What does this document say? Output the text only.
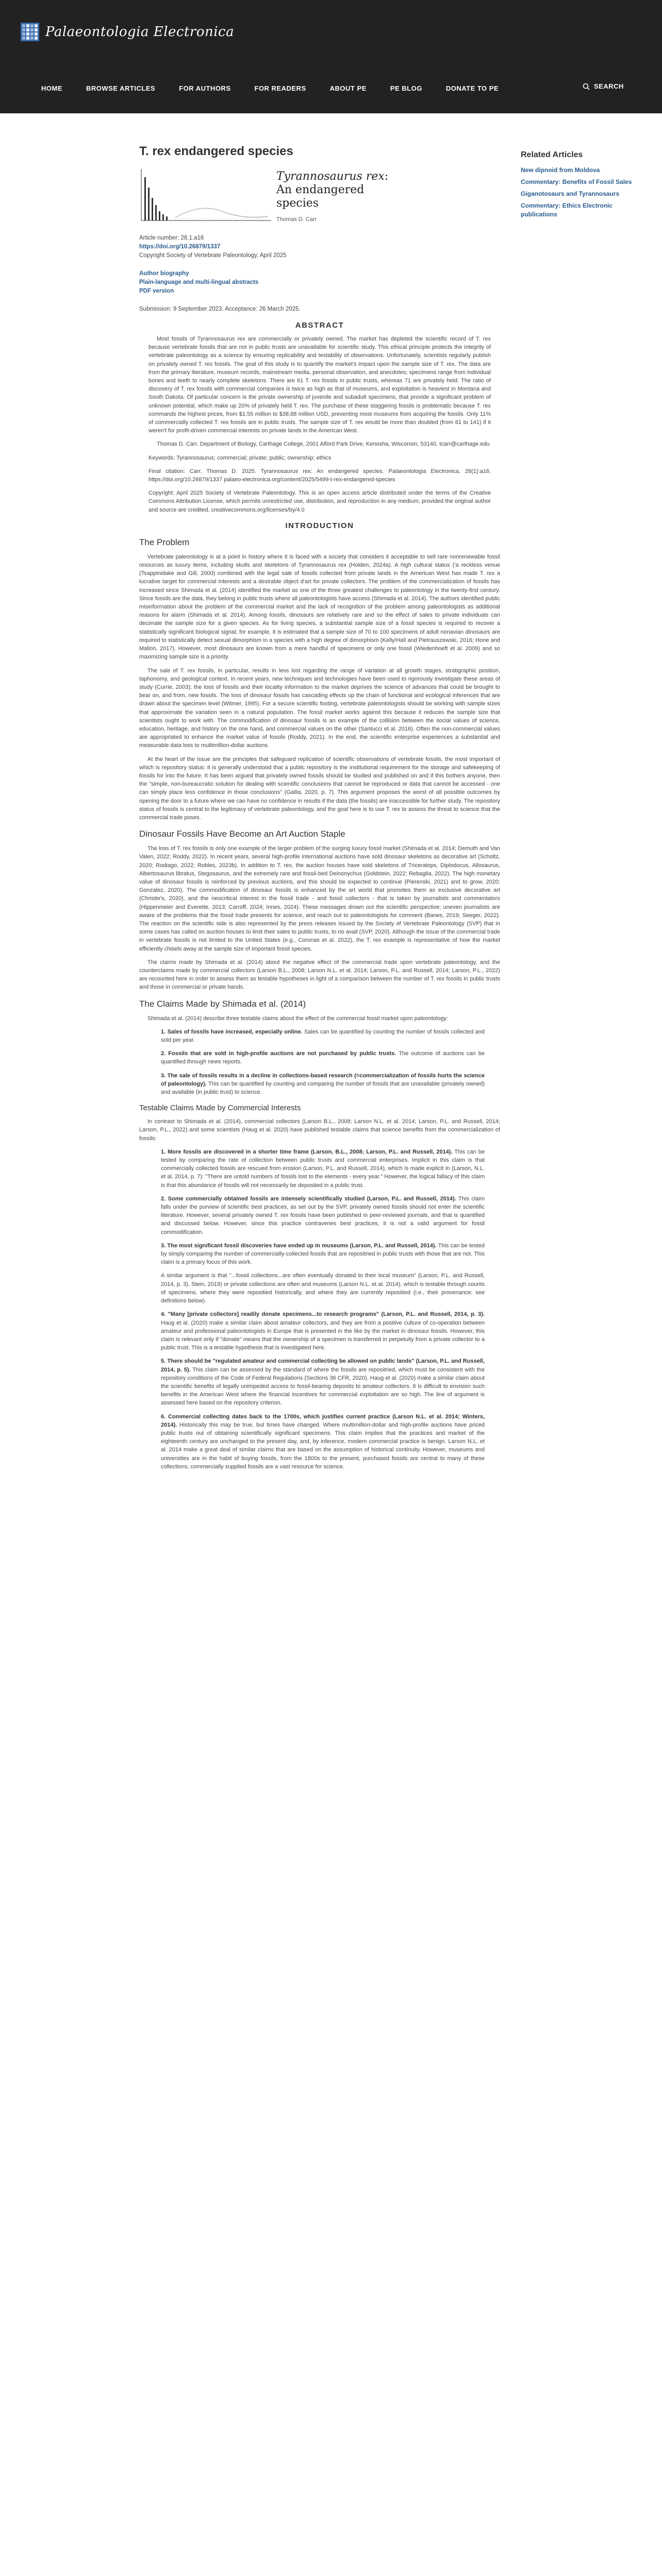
Palaeontologia Electronica
HOME	BROWSE ARTICLES	FOR AUTHORS	FOR READERS	ABOUT PE	PE BLOG	DONATE TO PE	SEARCH
T. rex endangered species
Tyrannosaurus rex: An endangered species
Thomas D. Carr
Article number: 28.1.a16
https://doi.org/10.26879/1337
Copyright Society of Vertebrate Paleontology, April 2025
Author biography
Plain-language and multi-lingual abstracts
PDF version
Submission: 9 September 2023. Acceptance: 26 March 2025.
ABSTRACT

Most fossils of Tyrannosaurus rex are commercially or privately owned. The market has depleted the scientific record of T. rex because vertebrate fossils that are not in public trusts are unavailable for scientific study. This ethical principle protects the integrity of vertebrate paleontology as a science by ensuring replicability and testability of observations. Unfortunately, scientists regularly publish on privately owned T. rex fossils. The goal of this study is to quantify the market's impact upon the sample size of T. rex. The data are from the primary literature, museum records, mainstream media, personal observation, and anecdotes; specimens range from individual bones and teeth to nearly complete skeletons. There are 61 T. rex fossils in public trusts, whereas 71 are privately held. The ratio of discovery of T. rex fossils with commercial companies is twice as high as that of museums, and exploitation is heaviest in Montana and South Dakota. Of particular concern is the private ownership of juvenile and subadult specimens, that provide a significant problem of unknown potential, which make up 20% of privately held T. rex. The purchase of these staggering fossils is problematic because T. rex commands the highest prices, from $1.55 million to $38.88 million USD, preventing most museums from acquiring the fossils. Only 11% of commercially collected T. rex fossils are in public trusts. The sample size of T. rex would be more than doubled (from 61 to 141) if it weren't for profit-driven commercial interests on private lands in the American West.

Thomas D. Carr. Department of Biology, Carthage College, 2001 Alford Park Drive, Kenosha, Wisconsin, 53140. tcarr@carthage.edu

Keywords: Tyrannosaurus; commercial; private; public; ownership; ethics

Final citation: Carr, Thomas D. 2025. Tyrannosaurus rex: An endangered species. Palaeontologia Electronica, 28(1):a16. https://doi.org/10.26879/1337 palaeo-electronica.org/content/2025/5499-t-rex-endangered-species

Copyright: April 2025 Society of Vertebrate Paleontology. This is an open access article distributed under the terms of the Creative Commons Attribution License, which permits unrestricted use, distribution, and reproduction in any medium, provided the original author and source are credited. creativecommons.org/licenses/by/4.0

INTRODUCTION
The Problem

Vertebrate paleontology is at a point in history where it is faced with a society that considers it acceptable to sell rare nonrenewable fossil resources as luxury items, including skulls and skeletons of Tyrannosaurus rex (Holden, 2024a). A high cultural status ('a reckless venue (Tsappinidake and Gill, 2000) combined with the legal sale of fossils collected from private lands in the American West has made T. rex a lucrative target for commercial interests and a desirable object d'art for private collectors. The problem of the commercialization of fossils has increased since Shimada et al. (2014) identified the market as one of the three greatest challenges to paleontology in the twenty-first century. Since fossils are the data, they belong in public trusts where all paleontologists have access (Shimada et al. 2014). The authors identified public misinformation about the problem of the commercial market and the lack of recognition of the problem among paleontologists as additional reasons for alarm (Shimada et al. 2014). Among fossils, dinosaurs are relatively rare and so the effect of sales to private individuals can decimate the sample size for a given species. As for living species, a substantial sample size of a fossil species is required to recover a statistically significant biological signal; for example, it is estimated that a sample size of 70 to 100 specimens of adult nonavian dinosaurs are required to statistically detect sexual dimorphism in a species with a high degree of dimorphism (Kelly/Hall and Pietrauszewski, 2016; Hone and Mallon, 2017). However, most dinosaurs are known from a mere handful of specimens or only one fossil (Wiedenhoeft et al. 2009) and so maximizing sample size is a priority.

The sale of T. rex fossils, in particular, results in less lost regarding the range of variation at all growth stages, stratigraphic position, taphonomy, and geological context. In recent years, new techniques and technologies have been used to rigorously investigate these areas of study (Currie, 2003); the loss of fossils and their locality information to the market deprives the science of advances that could be brought to bear on, and from, new fossils. The loss of dinosaur fossils has cascading effects up the chain of functional and ecological inferences that are drawn about the specimen level (Witmer, 1995). For a secure scientific footing, vertebrate paleontologists should be working with sample sizes that approximate the variation seen in a natural population. The fossil market works against this because it reduces the sample size that scientists ought to work with. The commodification of dinosaur fossils is an example of the collision between the social values of science, education, heritage, and history on the one hand, and commercial values on the other (Santucci et al. 2016). Often the non-commercial values are appropriated to enhance the market value of fossils (Roddy, 2021). In the end, the scientific enterprise experiences a substantial and measurable data loss to multimillion-dollar auctions.

At the heart of the issue are the principles that safeguard replication of scientific observations of vertebrate fossils, the most important of which is repository status: it is generally understood that a public repository is the institutional requirement for the storage and safekeeping of fossils for into the future. It has been argued that privately owned fossils should be studied and published on and if this bothers anyone, then the "simple, non-bureaucratic solution for dealing with scientific conclusions that cannot be reproduced or data that cannot be accessed - one can simply place less confidence in those conclusions" (Gallia, 2020, p. 7). This argument proposes the worst of all possible outcomes by opening the door to a future where we can have no confidence in results if the data (the fossils) are inaccessible for further study. The repository status of fossils is central to the legitimacy of vertebrate paleontology, and the goal here is to use T. rex to assess the threat to science that the commercial trade poses.

Dinosaur Fossils Have Become an Art Auction Staple

The loss of T. rex fossils is only one example of the larger problem of the surging luxury fossil market (Shimada et al. 2014; Demuth and Van Valen, 2022; Roddy, 2022). In recent years, several high-profile international auctions have sold dinosaur skeletons as decorative art (Scholtz, 2020; Rodiago, 2022; Robles, 2023b). In addition to T. rex, the auction houses have sold skeletons of Triceratops, Diplodocus, Allosaurus, Albertosaurus libratus, Stegosaurus, and the extremely rare and fossil-bed Deinonychus (Goldstein, 2022; Rebaglia, 2022). The high monetary value of dinosaur fossils is reinforced by previous auctions, and this should be expected to continue (Pierenski, 2021) and to grow, 2020; Gonzalez, 2020). The commodification of dinosaur fossils is enhanced by the art world that promotes them as exclusive decorative art (Christie's, 2020), and the neocritical interest in the fossil trade - and fossil collectors - that is taken by journalists and commentators (Hippenmeier and Everette, 2013; Carroff, 2024; Innes, 2024). These messages drown out the scientific perspective; uneven journalists are aware of the problems that the fossil trade presents for science, and reach out to paleontologists for comment (Banes, 2019; Seeger, 2022). The reaction on the scientific side is also represented by the press releases issued by the Society of Vertebrate Paleontology (SVP) that in some cases has called on auction houses to limit their sales to public trusts, to no avail (SVP, 2020). Although the issue of the commercial trade in vertebrate fossils is not limited to the United States (e.g., Coronas et al. 2022), the T. rex example is representative of how the market efficiently chisels away at the sample size of important fossil species.

The claims made by Shimada et al. (2014) about the negative effect of the commercial trade upon vertebrate paleontology, and the counterclaims made by commercial collectors (Larson B.L., 2008; Larson N.L. et al. 2014; Larson, P.L. and Russell, 2014; Larson, P.L., 2022) are recounted here in order to assess them as testable hypotheses in light of a comparison between the number of T. rex fossils in public trusts and those in commercial or private hands.

The Claims Made by Shimada et al. (2014)

Shimada et al. (2014) describe three testable claims about the effect of the commercial fossil market upon paleontology:

1. Sales of fossils have increased, especially online. Sales can be quantified by counting the number of fossils collected and sold per year.
2. Fossils that are sold in high-profile auctions are not purchased by public trusts. The outcome of auctions can be quantified through news reports.
3. The sale of fossils results in a decline in collections-based research (=commercialization of fossils hurts the science of paleontology). This can be quantified by counting and comparing the number of fossils that are unavailable (privately owned) and available (in public trust) to science.
Testable Claims Made by Commercial Interests

In contrast to Shimada et al. (2014), commercial collectors (Larson B.L., 2008; Larson N.L. et al. 2014; Larson, P.L. and Russell, 2014; Larson, P.L., 2022) and some scientists (Haug et al. 2020) have published testable claims that science benefits from the commercialization of fossils:

1. More fossils are discovered in a shorter time frame (Larson, B.L., 2008; Larson, P.L. and Russell, 2014). This can be tested by comparing the rate of collection between public trusts and commercial enterprises. Implicit in this claim is that commercially collected fossils are rescued from erosion (Larson, P.L. and Russell, 2014), which is made explicit in (Larson, N.L. et al. 2014, p. 7): "There are untold numbers of fossils lost to the elements - every year." However, the logical fallacy of this claim is that this abundance of fossils will not necessarily be deposited in a public trust.
2. Some commercially obtained fossils are intensely scientifically studied (Larson, P.L. and Russell, 2014). This claim falls under the purview of scientific best practices, as set out by the SVP, privately owned fossils should not enter the scientific literature. However, several privately owned T. rex fossils have been published in peer-reviewed journals, and that is quantified and discussed below. However, since this practice contravenes best practices, it is not a valid argument for fossil commodification.
3. The most significant fossil discoveries have ended up in museums (Larson, P.L. and Russell, 2014). This can be tested by simply comparing the number of commercially-collected fossils that are repositried in public trusts with those that are not. This claim is a primary focus of this work.
A similar argument is that "...fossil collections...are often eventually donated to their local museum" (Larson, P.L. and Russell, 2014, p. 3). Stein, 2019) or private collections are often and museums (Larson N.L. et al. 2014), which is testable through counts of specimens, where they were repositied historically, and where they are currently repositied (i.e., their provenance; see definitions below).
4. "Many [private collectors] readily donate specimens...to research programs" (Larson, P.L. and Russell, 2014, p. 3). Haug et al. (2020) make a similar claim about amateur collectors, and they are from a positive culture of co-operation between amateur and professional paleontologists in Europe that is presented in the like by the market in dinosaur fossils. However, this claim is relevant only if "donate" means that the ownership of a specimen is transferred in perpetuity from a private collector to a public trust. This is a testable hypothesis that is investigated here.
5. There should be "regulated amateur and commercial collecting be allowed on public lands" (Larson, P.L. and Russell, 2014, p. 5). This claim can be assessed by the standard of where the fossils are repositried, which must be consistent with the repository conditions of the Code of Federal Regulations (Sections 36 CFR, 2020). Haug et al. (2020) make a similar claim about the scientific benefits of legally unimpeded access to fossil-bearing deposits to amateur collectors. It is difficult to envision such benefits in the American West where the financial incentives for commercial exploitation are so high. The line of argument is assessed here based on the repository criterion.
6. Commercial collecting dates back to the 1700s, which justifies current practice (Larson N.L. et al. 2014; Winters, 2014). Historically this may be true, but times have changed. Where multimillion-dollar and high-profile auctions have priced public trusts out of obtaining scientifically significant specimens. This claim implies that the practices and market of the eighteenth century are unchanged to the present day, and, by inference, modern commercial practice is benign. Larson N.L. et al. 2014 make a great deal of similar claims that are based on the assumption of historical continuity. However, museums and universities are in the habit of buying fossils, from the 1800s to the present, purchased fossils are central to many of these collections; commercially supplied fossils are a vast resource for science.
Related Articles
New dipnoid from Moldova
Commentary: Benefits of Fossil Sales
Giganotosaurs and Tyrannosaurs
Commentary: Ethics Electronic publications
